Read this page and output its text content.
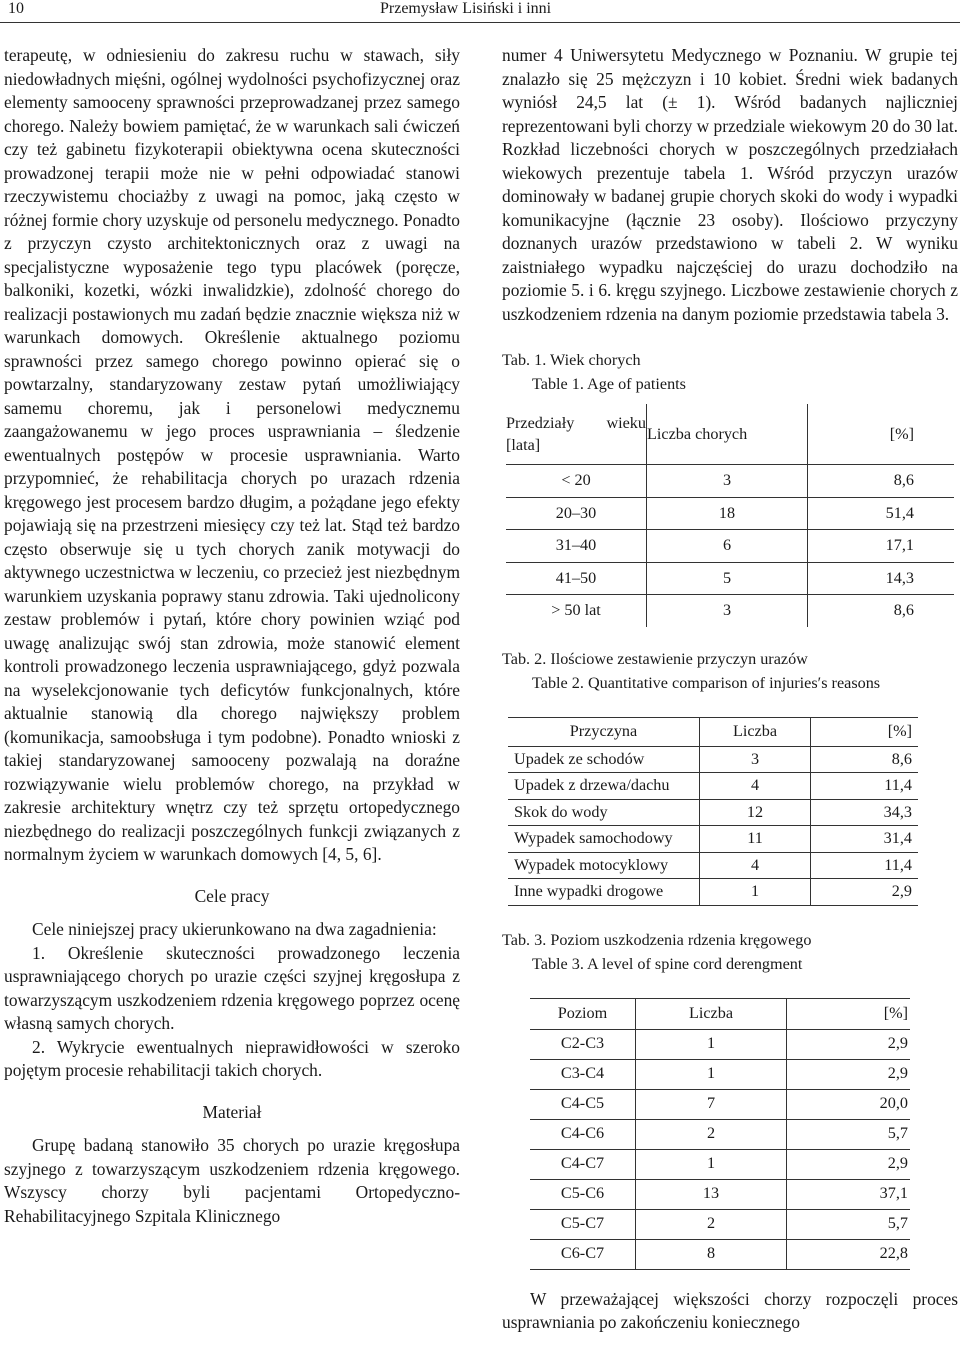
10	Przemysław Lisiński i inni

terapeutę, w odniesieniu do zakresu ruchu w stawach, siły niedowładnych mięśni, ogólnej wydolności psychofizycznej oraz elementy samooceny sprawności przeprowadzanej przez samego chorego. Należy bowiem pamiętać, że w warunkach sali ćwiczeń czy też gabinetu fizykoterapii obiektywna ocena skuteczności prowadzonej terapii może nie w pełni odpowiadać stanowi rzeczywistemu chociażby z uwagi na pomoc, jaką często w różnej formie chory uzyskuje od personelu medycznego. Ponadto z przyczyn czysto architektonicznych oraz z uwagi na specjalistyczne wyposażenie tego typu placówek (poręcze, balkoniki, kozetki, wózki inwalidzkie), zdolność chorego do realizacji postawionych mu zadań będzie znacznie większa niż w warunkach domowych. Określenie aktualnego poziomu sprawności przez samego chorego powinno opierać się o powtarzalny, standaryzowany zestaw pytań umożliwiający samemu choremu, jak i personelowi medycznemu zaangażowanemu w jego proces usprawniania – śledzenie ewentualnych postępów w procesie usprawniania. Warto przypomnieć, że rehabilitacja chorych po urazach rdzenia kręgowego jest procesem bardzo długim, a pożądane jego efekty pojawiają się na przestrzeni miesięcy czy też lat. Stąd też bardzo często obserwuje się u tych chorych zanik motywacji do aktywnego uczestnictwa w leczeniu, co przecież jest niezbędnym warunkiem uzyskania poprawy stanu zdrowia. Taki ujednolicony zestaw problemów i pytań, które chory powinien wziąć pod uwagę analizując swój stan zdrowia, może stanowić element kontroli prowadzonego leczenia usprawniającego, gdyż pozwala na wyselekcjonowanie tych deficytów funkcjonalnych, które aktualnie stanowią dla chorego największy problem (komunikacja, samoobsługa i tym podobne). Ponadto wnioski z takiej standaryzowanej samooceny pozwalają na doraźne rozwiązywanie wielu problemów chorego, na przykład w zakresie architektury wnętrz czy też sprzętu ortopedycznego niezbędnego do realizacji poszczególnych funkcji związanych z normalnym życiem w warunkach domowych [4, 5, 6].

Cele pracy

Cele niniejszej pracy ukierunkowano na dwa zagadnienia:

1. Określenie skuteczności prowadzonego leczenia usprawniającego chorych po urazie części szyjnej kręgosłupa z towarzyszącym uszkodzeniem rdzenia kręgowego poprzez ocenę własną samych chorych.

2. Wykrycie ewentualnych nieprawidłowości w szeroko pojętym procesie rehabilitacji takich chorych.

Materiał

Grupę badaną stanowiło 35 chorych po urazie kręgosłupa szyjnego z towarzyszącym uszkodzeniem rdzenia kręgowego. Wszyscy chorzy byli pacjentami Ortopedyczno-Rehabilitacyjnego Szpitala Klinicznego

numer 4 Uniwersytetu Medycznego w Poznaniu. W grupie tej znalazło się 25 mężczyzn i 10 kobiet. Średni wiek badanych wyniósł 24,5 lat (± 1). Wśród badanych najliczniej reprezentowani byli chorzy w przedziale wiekowym 20 do 30 lat. Rozkład liczebności chorych w poszczególnych przedziałach wiekowych prezentuje tabela 1. Wśród przyczyn urazów dominowały w badanej grupie chorych skoki do wody i wypadki komunikacyjne (łącznie 23 osoby). Ilościowo przyczyny doznanych urazów przedstawiono w tabeli 2. W wyniku zaistniałego wypadku najczęściej do urazu dochodziło na poziomie 5. i 6. kręgu szyjnego. Liczbowe zestawienie chorych z uszkodzeniem rdzenia na danym poziomie przedstawia tabela 3.

Tab. 1. Wiek chorych

Table 1. Age of patients

Przedziały wieku [lata]	Liczba chorych	[%]
< 20	3	8,6
20–30	18	51,4
31–40	6	17,1
41–50	5	14,3
> 50 lat	3	8,6

Tab. 2. Ilościowe zestawienie przyczyn urazów

Table 2. Quantitative comparison of injuries′s reasons

Przyczyna	Liczba	[%]
Upadek ze schodów	3	8,6
Upadek z drzewa/dachu	4	11,4
Skok do wody	12	34,3
Wypadek samochodowy	11	31,4
Wypadek motocyklowy	4	11,4
Inne wypadki drogowe	1	2,9

Tab. 3. Poziom uszkodzenia rdzenia kręgowego

Table 3. A level of spine cord derengment

Poziom	Liczba	[%]
C2-C3	1	2,9
C3-C4	1	2,9
C4-C5	7	20,0
C4-C6	2	5,7
C4-C7	1	2,9
C5-C6	13	37,1
C5-C7	2	5,7
C6-C7	8	22,8

W przeważającej większości chorzy rozpoczęli proces usprawniania po zakończeniu koniecznego
